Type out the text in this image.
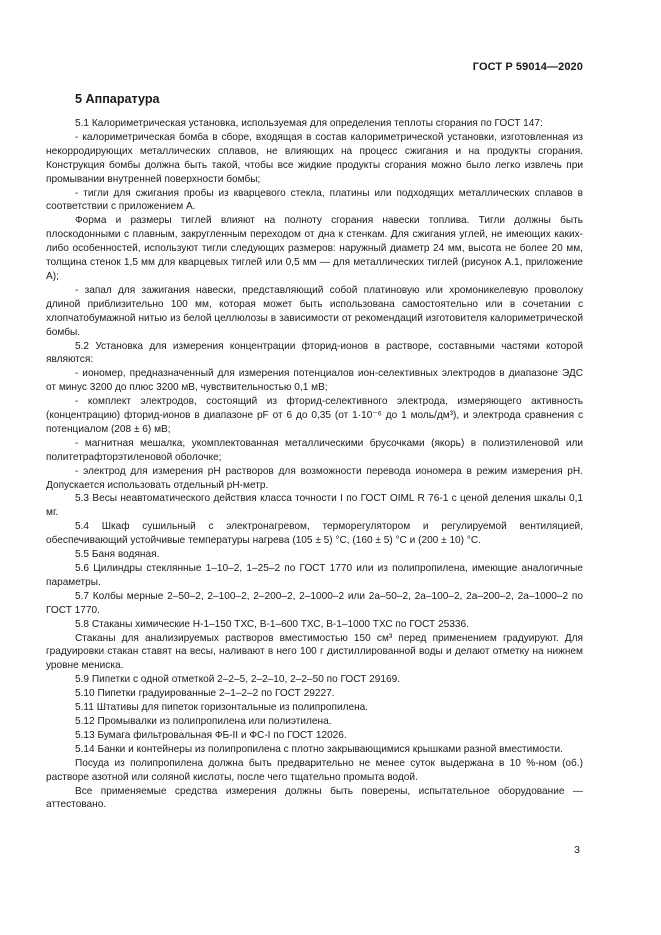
ГОСТ Р 59014—2020
5 Аппаратура

5.1 Калориметрическая установка, используемая для определения теплоты сгорания по ГОСТ 147:

- калориметрическая бомба в сборе, входящая в состав калориметрической установки, изготовленная из некорродирующих металлических сплавов, не влияющих на процесс сжигания и на продукты сгорания. Конструкция бомбы должна быть такой, чтобы все жидкие продукты сгорания можно было легко извлечь при промывании внутренней поверхности бомбы;

- тигли для сжигания пробы из кварцевого стекла, платины или подходящих металлических сплавов в соответствии с приложением А.

Форма и размеры тиглей влияют на полноту сгорания навески топлива. Тигли должны быть плоскодонными с плавным, закругленным переходом от дна к стенкам. Для сжигания углей, не имеющих каких-либо особенностей, используют тигли следующих размеров: наружный диаметр 24 мм, высота не более 20 мм, толщина стенок 1,5 мм для кварцевых тиглей или 0,5 мм — для металлических тиглей (рисунок А.1, приложение А);

- запал для зажигания навески, представляющий собой платиновую или хромоникелевую проволоку длиной приблизительно 100 мм, которая может быть использована самостоятельно или в сочетании с хлопчатобумажной нитью из белой целлюлозы в зависимости от рекомендаций изготовителя калориметрической бомбы.

5.2 Установка для измерения концентрации фторид-ионов в растворе, составными частями которой являются:

- иономер, предназначенный для измерения потенциалов ион-селективных электродов в диапазоне ЭДС от минус 3200 до плюс 3200 мВ, чувствительностью 0,1 мВ;

- комплект электродов, состоящий из фторид-селективного электрода, измеряющего активность (концентрацию) фторид-ионов в диапазоне pF от 6 до 0,35 (от 1·10⁻⁶ до 1 моль/дм³), и электрода сравнения с потенциалом (208 ± 6) мВ;

- магнитная мешалка, укомплектованная металлическими брусочками (якорь) в полиэтиленовой или политетрафторэтиленовой оболочке;

- электрод для измерения pH растворов для возможности перевода иономера в режим измерения pH. Допускается использовать отдельный pH-метр.

5.3 Весы неавтоматического действия класса точности I по ГОСТ OIML R 76-1 с ценой деления шкалы 0,1 мг.

5.4 Шкаф сушильный с электронагревом, терморегулятором и регулируемой вентиляцией, обеспечивающий устойчивые температуры нагрева (105 ± 5) °C, (160 ± 5) °C и (200 ± 10) °C.

5.5 Баня водяная.

5.6 Цилиндры стеклянные 1–10–2, 1–25–2 по ГОСТ 1770 или из полипропилена, имеющие аналогичные параметры.

5.7 Колбы мерные 2–50–2, 2–100–2, 2–200–2, 2–1000–2 или 2а–50–2, 2а–100–2, 2а–200–2, 2а–1000–2 по ГОСТ 1770.

5.8 Стаканы химические Н-1–150 ТХС, В-1–600 ТХС, В-1–1000 ТХС по ГОСТ 25336.

Стаканы для анализируемых растворов вместимостью 150 см³ перед применением градуируют. Для градуировки стакан ставят на весы, наливают в него 100 г дистиллированной воды и делают отметку на нижнем уровне мениска.

5.9 Пипетки с одной отметкой 2–2–5, 2–2–10, 2–2–50 по ГОСТ 29169.

5.10 Пипетки градуированные 2–1–2–2 по ГОСТ 29227.

5.11 Штативы для пипеток горизонтальные из полипропилена.

5.12 Промывалки из полипропилена или полиэтилена.

5.13 Бумага фильтровальная ФБ-II и ФС-I по ГОСТ 12026.

5.14 Банки и контейнеры из полипропилена с плотно закрывающимися крышками разной вместимости.

Посуда из полипропилена должна быть предварительно не менее суток выдержана в 10 %-ном (об.) растворе азотной или соляной кислоты, после чего тщательно промыта водой.

Все применяемые средства измерения должны быть поверены, испытательное оборудование — аттестовано.

3
